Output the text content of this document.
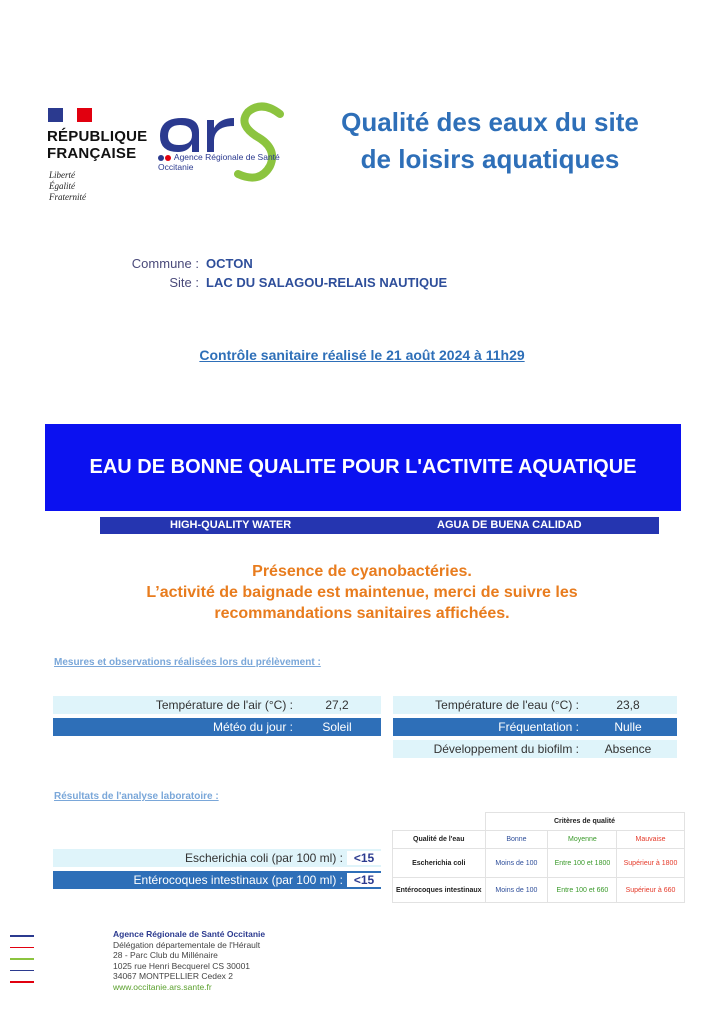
RÉPUBLIQUE
FRANÇAISE
Liberté
Égalité
Fraternité
Agence Régionale de Santé
Occitanie
Qualité des eaux du site
de loisirs aquatiques
Commune : OCTON
Site : LAC DU SALAGOU-RELAIS NAUTIQUE
Contrôle sanitaire réalisé le 21 août 2024 à 11h29
EAU DE BONNE QUALITE POUR L'ACTIVITE AQUATIQUE
HIGH-QUALITY WATER	AGUA DE BUENA CALIDAD
Présence de cyanobactéries.
L’activité de baignade est maintenue, merci de suivre les
recommandations sanitaires affichées.
Mesures et observations réalisées lors du prélèvement :
Température de l'air (°C) :	27,2
Météo du jour :	Soleil
Température de l'eau (°C) :	23,8
Fréquentation :	Nulle
Développement du biofilm :	Absence
Résultats de l'analyse laboratoire :
Escherichia coli (par 100 ml) : <15
Entérocoques intestinaux (par 100 ml) : <15
	Critères de qualité		
Qualité de l'eau	Bonne	Moyenne	Mauvaise
Escherichia coli	Moins de 100	Entre 100 et 1800	Supérieur à 1800
Entérocoques intestinaux	Moins de 100	Entre 100 et 660	Supérieur à 660
Agence Régionale de Santé Occitanie
Délégation départementale de l'Hérault
28 - Parc Club du Millénaire
1025 rue Henri Becquerel CS 30001
34067 MONTPELLIER Cedex 2
www.occitanie.ars.sante.fr
